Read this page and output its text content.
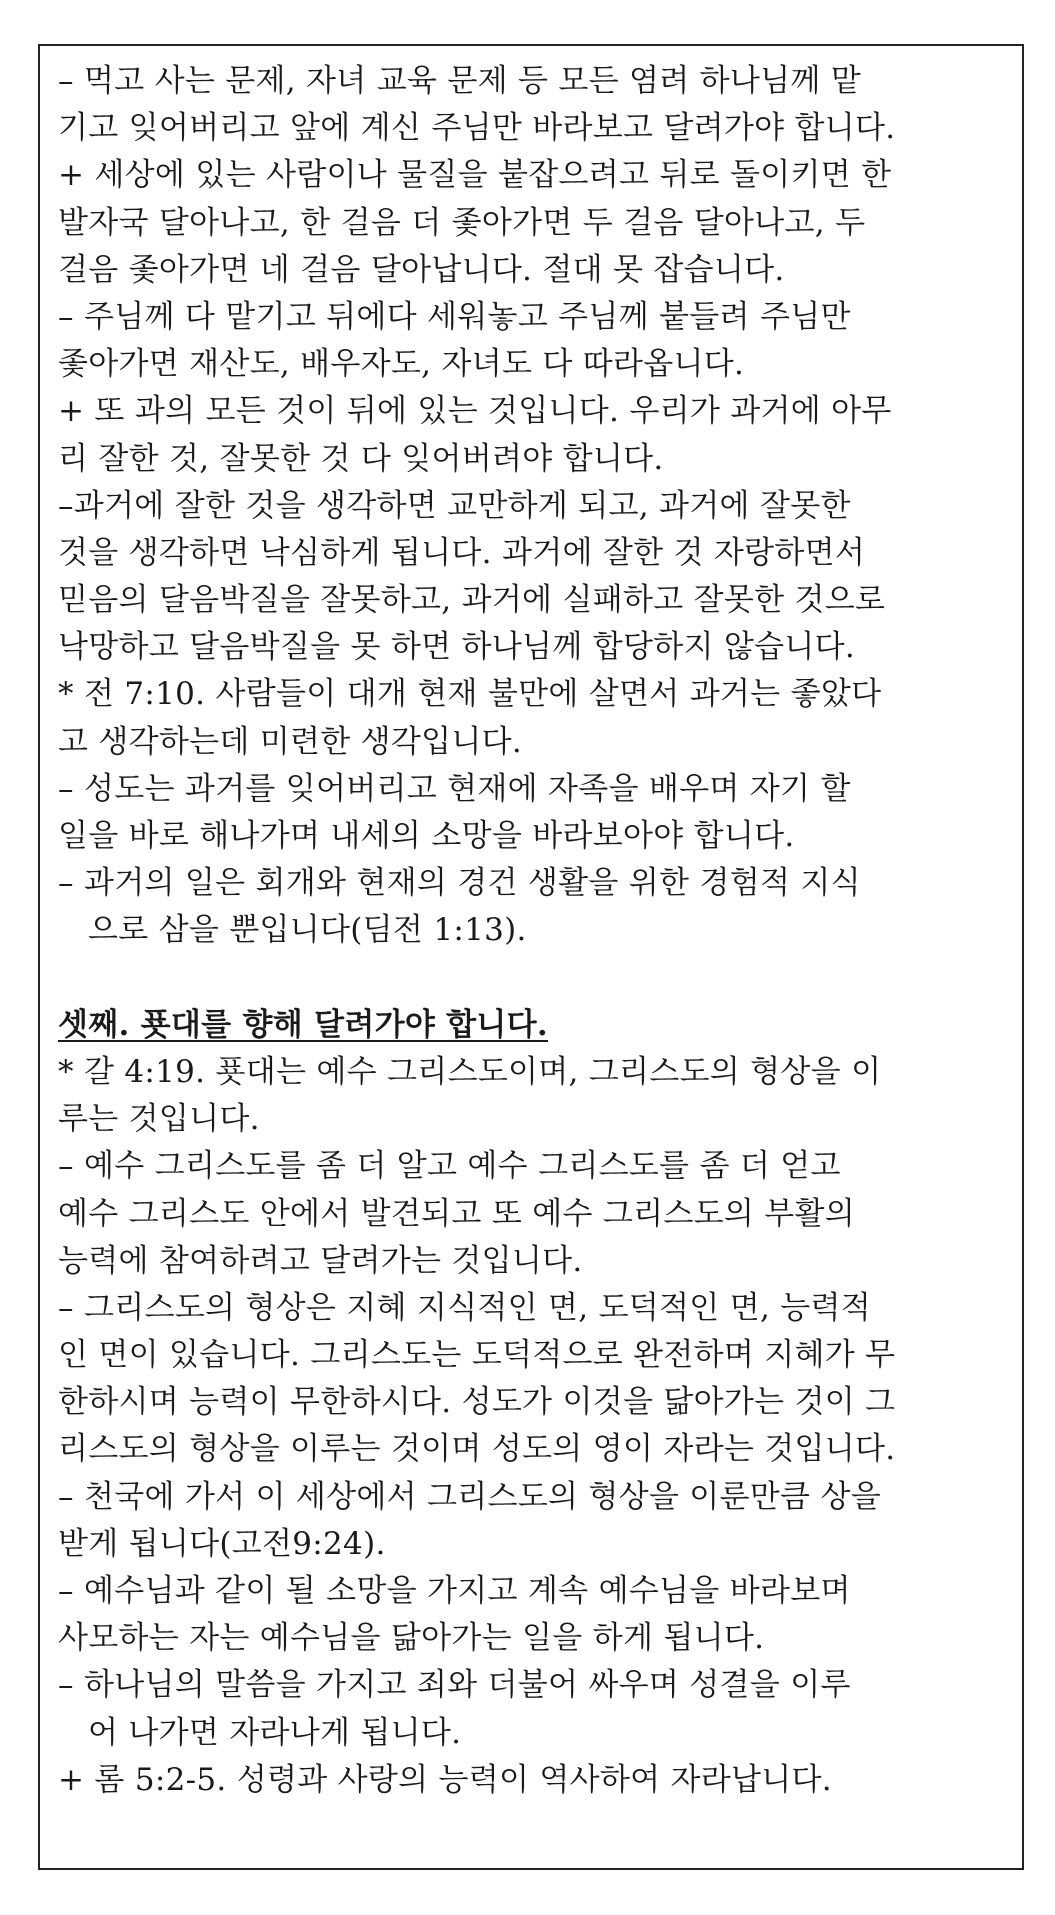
– 먹고 사는 문제, 자녀 교육 문제 등 모든 염려 하나님께 맡
기고 잊어버리고 앞에 계신 주님만 바라보고 달려가야 합니다.
+ 세상에 있는 사람이나 물질을 붙잡으려고 뒤로 돌이키면 한
발자국 달아나고, 한 걸음 더 좇아가면 두 걸음 달아나고, 두
걸음 좇아가면 네 걸음 달아납니다. 절대 못 잡습니다.
– 주님께 다 맡기고 뒤에다 세워놓고 주님께 붙들려 주님만
좇아가면 재산도, 배우자도, 자녀도 다 따라옵니다.
+ 또 과의 모든 것이 뒤에 있는 것입니다. 우리가 과거에 아무
리 잘한 것, 잘못한 것 다 잊어버려야 합니다.
–과거에 잘한 것을 생각하면 교만하게 되고, 과거에 잘못한
것을 생각하면 낙심하게 됩니다. 과거에 잘한 것 자랑하면서
믿음의 달음박질을 잘못하고, 과거에 실패하고 잘못한 것으로
낙망하고 달음박질을 못 하면 하나님께 합당하지 않습니다.
* 전 7:10. 사람들이 대개 현재 불만에 살면서 과거는 좋았다
고 생각하는데 미련한 생각입니다.
– 성도는 과거를 잊어버리고 현재에 자족을 배우며 자기 할
일을 바로 해나가며 내세의 소망을 바라보아야 합니다.
– 과거의 일은 회개와 현재의 경건 생활을 위한 경험적 지식
으로 삼을 뿐입니다(딤전 1:13).
셋째. 푯대를 향해 달려가야 합니다.
* 갈 4:19. 푯대는 예수 그리스도이며, 그리스도의 형상을 이
루는 것입니다.
– 예수 그리스도를 좀 더 알고 예수 그리스도를 좀 더 얻고
예수 그리스도 안에서 발견되고 또 예수 그리스도의 부활의
능력에 참여하려고 달려가는 것입니다.
– 그리스도의 형상은 지혜 지식적인 면, 도덕적인 면, 능력적
인 면이 있습니다. 그리스도는 도덕적으로 완전하며 지혜가 무
한하시며 능력이 무한하시다. 성도가 이것을 닮아가는 것이 그
리스도의 형상을 이루는 것이며 성도의 영이 자라는 것입니다.
– 천국에 가서 이 세상에서 그리스도의 형상을 이룬만큼 상을
받게 됩니다(고전9:24).
– 예수님과 같이 될 소망을 가지고 계속 예수님을 바라보며
사모하는 자는 예수님을 닮아가는 일을 하게 됩니다.
– 하나님의 말씀을 가지고 죄와 더불어 싸우며 성결을 이루
어 나가면 자라나게 됩니다.
+ 롬 5:2-5. 성령과 사랑의 능력이 역사하여 자라납니다.
